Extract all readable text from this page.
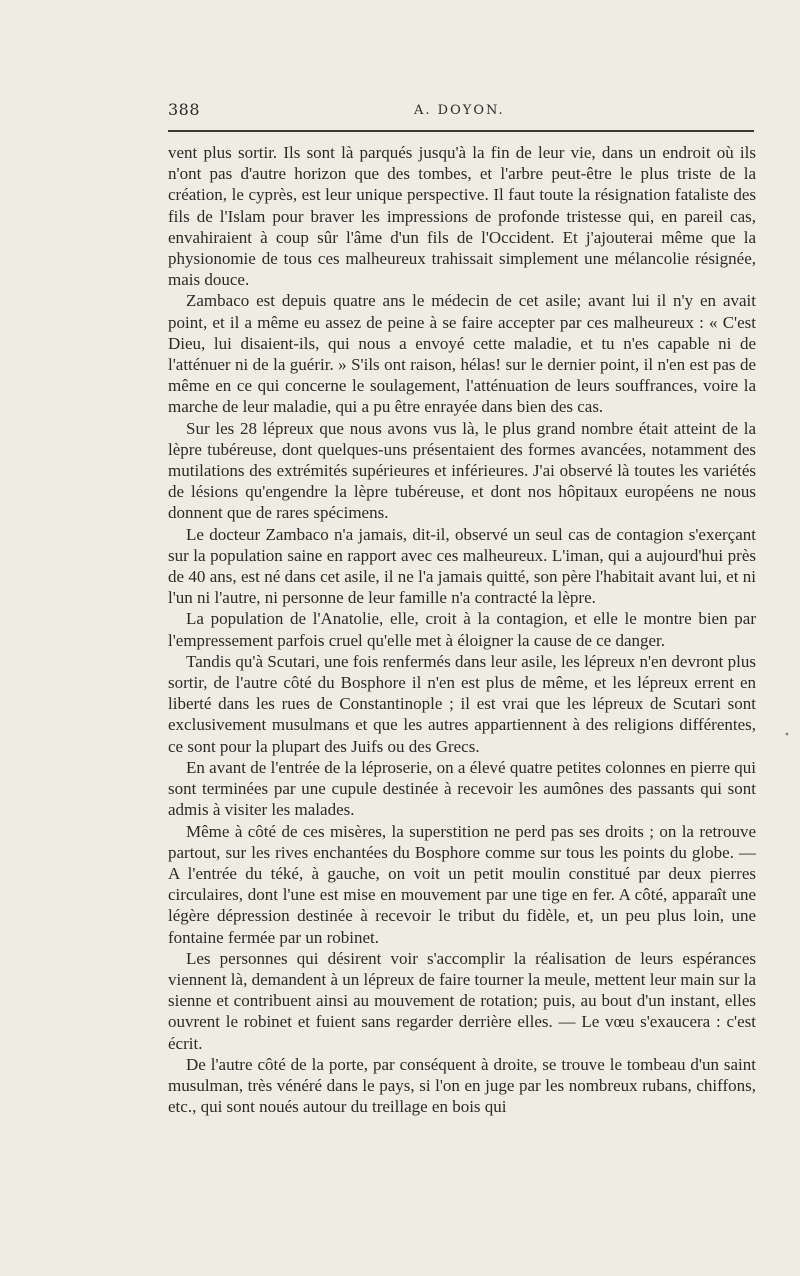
388	A. DOYON.

vent plus sortir. Ils sont là parqués jusqu'à la fin de leur vie, dans un endroit où ils n'ont pas d'autre horizon que des tombes, et l'arbre peut-être le plus triste de la création, le cyprès, est leur unique perspective. Il faut toute la résignation fataliste des fils de l'Islam pour braver les impressions de profonde tristesse qui, en pareil cas, envahiraient à coup sûr l'âme d'un fils de l'Occident. Et j'ajouterai même que la physionomie de tous ces malheureux trahissait simplement une mélancolie résignée, mais douce.

Zambaco est depuis quatre ans le médecin de cet asile; avant lui il n'y en avait point, et il a même eu assez de peine à se faire accepter par ces malheureux : « C'est Dieu, lui disaient-ils, qui nous a envoyé cette maladie, et tu n'es capable ni de l'atténuer ni de la guérir. » S'ils ont raison, hélas! sur le dernier point, il n'en est pas de même en ce qui concerne le soulagement, l'atténuation de leurs souffrances, voire la marche de leur maladie, qui a pu être enrayée dans bien des cas.

Sur les 28 lépreux que nous avons vus là, le plus grand nombre était atteint de la lèpre tubéreuse, dont quelques-uns présentaient des formes avancées, notamment des mutilations des extrémités supérieures et inférieures. J'ai observé là toutes les variétés de lésions qu'engendre la lèpre tubéreuse, et dont nos hôpitaux européens ne nous donnent que de rares spécimens.

Le docteur Zambaco n'a jamais, dit-il, observé un seul cas de contagion s'exerçant sur la population saine en rapport avec ces malheureux. L'iman, qui a aujourd'hui près de 40 ans, est né dans cet asile, il ne l'a jamais quitté, son père l'habitait avant lui, et ni l'un ni l'autre, ni personne de leur famille n'a contracté la lèpre.

La population de l'Anatolie, elle, croit à la contagion, et elle le montre bien par l'empressement parfois cruel qu'elle met à éloigner la cause de ce danger.

Tandis qu'à Scutari, une fois renfermés dans leur asile, les lépreux n'en devront plus sortir, de l'autre côté du Bosphore il n'en est plus de même, et les lépreux errent en liberté dans les rues de Constantinople ; il est vrai que les lépreux de Scutari sont exclusivement musulmans et que les autres appartiennent à des religions différentes, ce sont pour la plupart des Juifs ou des Grecs.

En avant de l'entrée de la léproserie, on a élevé quatre petites colonnes en pierre qui sont terminées par une cupule destinée à recevoir les aumônes des passants qui sont admis à visiter les malades.

Même à côté de ces misères, la superstition ne perd pas ses droits ; on la retrouve partout, sur les rives enchantées du Bosphore comme sur tous les points du globe. — A l'entrée du téké, à gauche, on voit un petit moulin constitué par deux pierres circulaires, dont l'une est mise en mouvement par une tige en fer. A côté, apparaît une légère dépression destinée à recevoir le tribut du fidèle, et, un peu plus loin, une fontaine fermée par un robinet.

Les personnes qui désirent voir s'accomplir la réalisation de leurs espérances viennent là, demandent à un lépreux de faire tourner la meule, mettent leur main sur la sienne et contribuent ainsi au mouvement de rotation; puis, au bout d'un instant, elles ouvrent le robinet et fuient sans regarder derrière elles. — Le vœu s'exaucera : c'est écrit.

De l'autre côté de la porte, par conséquent à droite, se trouve le tombeau d'un saint musulman, très vénéré dans le pays, si l'on en juge par les nombreux rubans, chiffons, etc., qui sont noués autour du treillage en bois qui

•
